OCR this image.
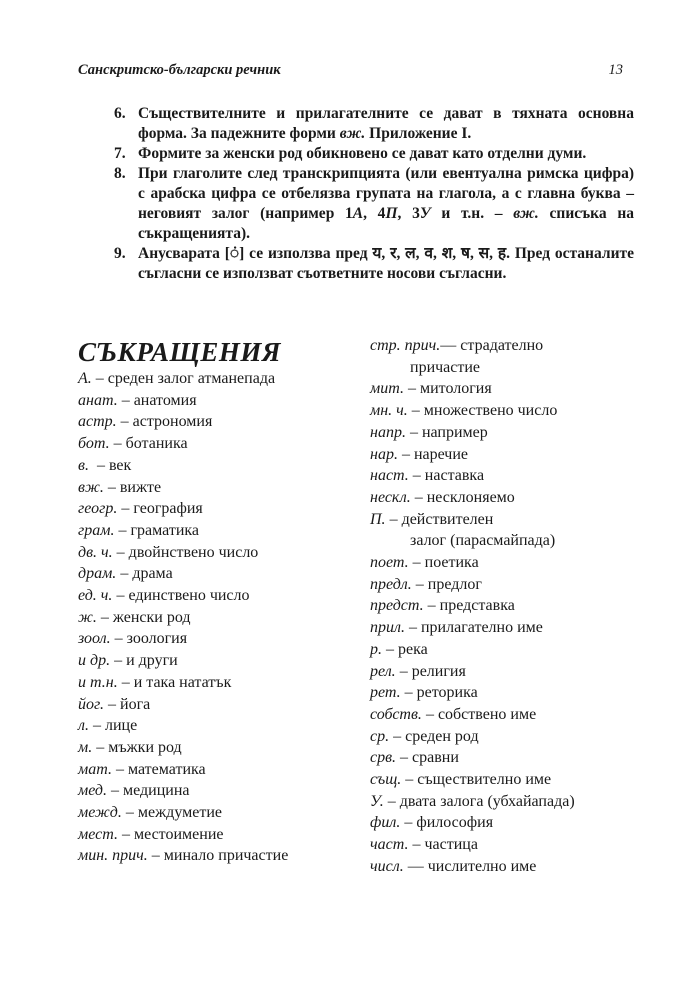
Санскритско-български речник	13
6. Съществителните и прилагателните се дават в тяхната основна форма. За падежните форми вж. Приложение I.
7. Формите за женски род обикновено се дават като отделни думи.
8. При глаголите след транскрипцията (или евентуална римска цифра) с арабска цифра се отбелязва групата на глагола, а с главна буква – неговият залог (например 1А, 4П, 3У и т.н. – вж. списъка на съкращенията).
9. Анусварата [ं] се използва пред य, र, ल, व, श, ष, स, ह. Пред останалите съгласни се използват съответните носови съгласни.
СЪКРАЩЕНИЯ
А. – среден залог атманепада
анат. – анатомия
астр. – астрономия
бот. – ботаника
в.  – век
вж. – вижте
геогр. – география
грам. – граматика
дв. ч. – двойнствено число
драм. – драма
ед. ч. – единствено число
ж. – женски род
зоол. – зоология
и др. – и други
и т.н. – и така нататък
йог. – йога
л. – лице
м. – мъжки род
мат. – математика
мед. – медицина
межд. – междуметие
мест. – местоимение
мин. прич. – минало причастие
стр. прич.— страдателно
причастие
мит. – митология
мн. ч. – множествено число
напр. – например
нар. – наречие
наст. – наставка
нескл. – несклоняемо
П. – действителен
залог (парасмайпада)
поет. – поетика
предл. – предлог
предст. – представка
прил. – прилагателно име
р. – река
рел. – религия
рет. – реторика
собств. – собствено име
ср. – среден род
срв. – сравни
същ. – съществително име
У. – двата залога (убхайапада)
фил. – философия
част. – частица
числ. — числително име
